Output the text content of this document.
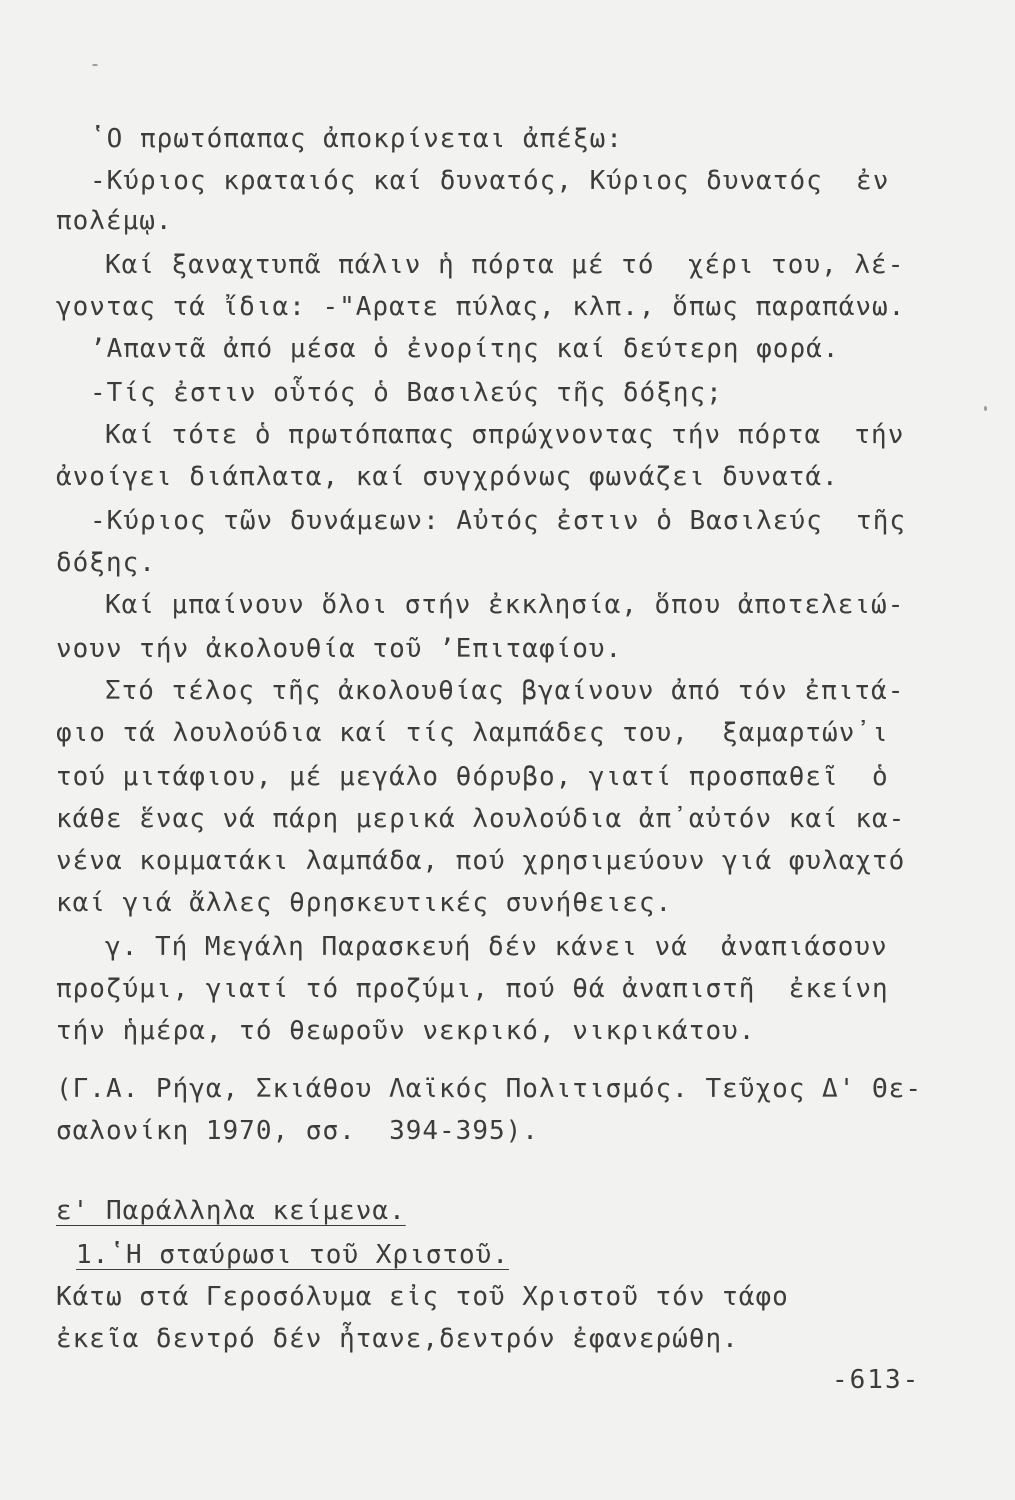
ʽΟ πρωτόπαπας ἀποκρίνεται ἀπέξω:
-Κύριος κραταιός καί δυνατός, Κύριος δυνατός  ἐν
πολέμῳ.
Καί ξαναχτυπᾶ πάλιν ἡ πόρτα μέ τό  χέρι του, λέ-
γοντας τά ἴδια: -"Αρατε πύλας, κλπ., ὅπως παραπάνω.
ʼΑπαντᾶ ἀπό μέσα ὁ ἐνορίτης καί δεύτερη φορά.
-Τίς ἐστιν οὗτός ὁ Βασιλεύς τῆς δόξης;
Καί τότε ὁ πρωτόπαπας σπρώχνοντας τήν πόρτα  τήν
ἀνοίγει διάπλατα, καί συγχρόνως φωνάζει δυνατά.
-Κύριος τῶν δυνάμεων: Αὐτός ἐστιν ὁ Βασιλεύς  τῆς
δόξης.
Καί μπαίνουν ὅλοι στήν ἐκκλησία, ὅπου ἀποτελειώ-
νουν τήν ἀκολουθία τοῦ ʼΕπιταφίου.
Στό τέλος τῆς ἀκολουθίας βγαίνουν ἀπό τόν ἐπιτά-
φιο τά λουλούδια καί τίς λαμπάδες του,  ξαμαρτών᾿ι
τού μιτάφιου, μέ μεγάλο θόρυβο, γιατί προσπαθεῖ  ὁ
κάθε ἕνας νά πάρη μερικά λουλούδια ἀπ᾿αὐτόν καί κα-
νένα κομματάκι λαμπάδα, πού χρησιμεύουν γιά φυλαχτό
καί γιά ἄλλες θρησκευτικές συνήθειες.
γ. Τή Μεγάλη Παρασκευή δέν κάνει νά  ἀναπιάσουν
προζύμι, γιατί τό προζύμι, πού θά ἀναπιστῆ  ἐκείνη
τήν ἡμέρα, τό θεωροῦν νεκρικό, νικρικάτου.
(Γ.Α. Ρήγα, Σκιάθου Λαϊκός Πολιτισμός. Τεῦχος Δ' Θε-
σαλονίκη 1970, σσ.  394-395).
ε' Παράλληλα κείμενα.
1.ʽΗ σταύρωσι τοῦ Χριστοῦ.
Κάτω στά Γεροσόλυμα εἰς τοῦ Χριστοῦ τόν τάφο
ἐκεῖα δεντρό δέν ἦτανε,δεντρόν ἐφανερώθη.
-613-
